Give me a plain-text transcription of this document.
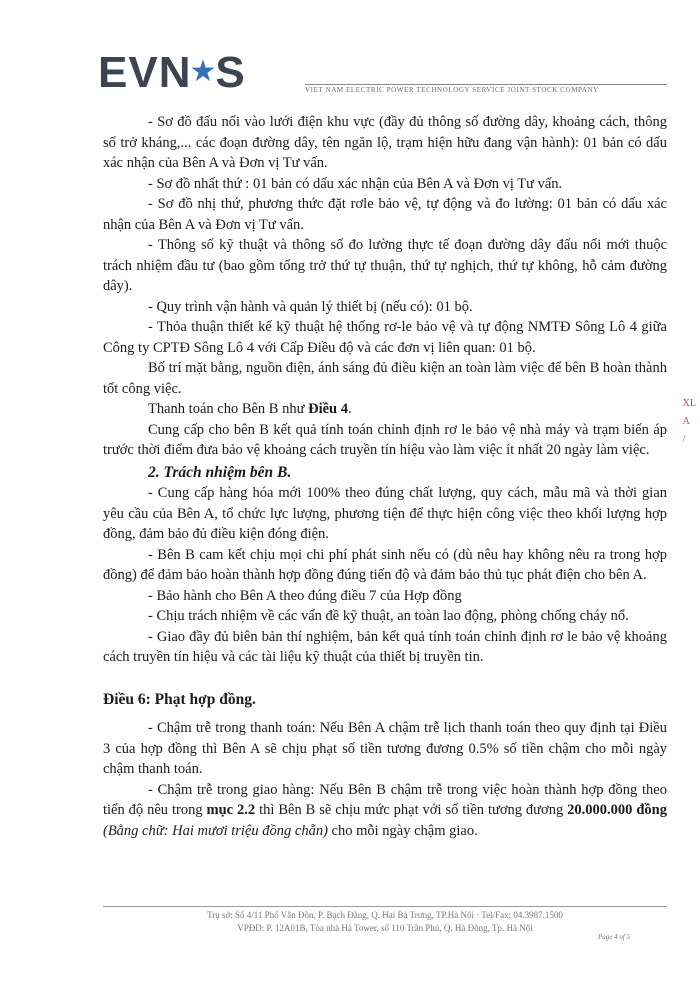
EVN★S	VIET NAM ELECTRIC POWER TECHNOLOGY SERVICE JOINT STOCK COMPANY

- Sơ đồ đấu nối vào lưới điện khu vực (đầy đủ thông số đường dây, khoảng cách, thông số trở kháng,... các đoạn đường dây, tên ngăn lộ, trạm hiện hữu đang vận hành): 01 bản có dấu xác nhận của Bên A và Đơn vị Tư vấn.

- Sơ đồ nhất thứ : 01 bản có dấu xác nhận của Bên A và Đơn vị Tư vấn.

- Sơ đồ nhị thứ, phương thức đặt rơle bảo vệ, tự động và đo lường: 01 bản có dấu xác nhận của Bên A và Đơn vị Tư vấn.

- Thông số kỹ thuật và thông số đo lường thực tế đoạn đường dây đấu nối mới thuộc trách nhiệm đầu tư (bao gồm tổng trở thứ tự thuận, thứ tự nghịch, thứ tự không, hỗ cảm đường dây).

- Quy trình vận hành và quản lý thiết bị (nếu có): 01 bộ.

- Thỏa thuận thiết kế kỹ thuật hệ thống rơ-le bảo vệ và tự động NMTĐ Sông Lô 4 giữa Công ty CPTĐ Sông Lô 4 với Cấp Điều độ và các đơn vị liên quan: 01 bộ.

Bố trí mặt bằng, nguồn điện, ánh sáng đủ điều kiện an toàn làm việc để bên B hoàn thành tốt công việc.

Thanh toán cho Bên B như Điều 4.

Cung cấp cho bên B kết quả tính toán chỉnh định rơ le bảo vệ nhà máy và trạm biến áp trước thời điểm đưa bảo vệ khoảng cách truyền tín hiệu vào làm việc ít nhất 20 ngày làm việc.

2. Trách nhiệm bên B.

- Cung cấp hàng hóa mới 100% theo đúng chất lượng, quy cách, mẫu mã và thời gian yêu cầu của Bên A, tổ chức lực lượng, phương tiện để thực hiện công việc theo khối lượng hợp đồng, đảm bảo đủ điều kiện đóng điện.

- Bên B cam kết chịu mọi chi phí phát sinh nếu có (dù nêu hay không nêu ra trong hợp đồng) để đảm bảo hoàn thành hợp đồng đúng tiến độ và đảm bảo thủ tục phát điện cho bên A.

- Bảo hành cho Bên A theo đúng điều 7 của Hợp đồng

- Chịu trách nhiệm về các vấn đề kỹ thuật, an toàn lao động, phòng chống cháy nổ.

- Giao đầy đủ biên bản thí nghiệm, bản kết quả tính toán chỉnh định rơ le bảo vệ khoảng cách truyền tín hiệu và các tài liệu kỹ thuật của thiết bị truyền tin.

Điều 6: Phạt hợp đồng.

- Chậm trễ trong thanh toán: Nếu Bên A chậm trễ lịch thanh toán theo quy định tại Điều 3 của hợp đồng thì Bên A sẽ chịu phạt số tiền tương đương 0.5% số tiền chậm cho mỗi ngày chậm thanh toán.

- Chậm trễ trong giao hàng: Nếu Bên B chậm trễ trong việc hoàn thành hợp đồng theo tiến độ nêu trong mục 2.2 thì Bên B sẽ chịu mức phạt với số tiền tương đương 20.000.000 đồng (Bằng chữ: Hai mươi triệu đồng chẵn) cho mỗi ngày chậm giao.

Trụ sở: Số 4/11 Phố Vân Đồn, P. Bạch Đằng, Q. Hai Bà Trưng, TP.Hà Nội · Tel/Fax: 04.3987.1500
VPĐD: P. 12A01B, Tòa nhà Hà Tower, số 110 Trần Phú, Q. Hà Đông, Tp. Hà Nội
Page 4 of 5
XL
A
/
